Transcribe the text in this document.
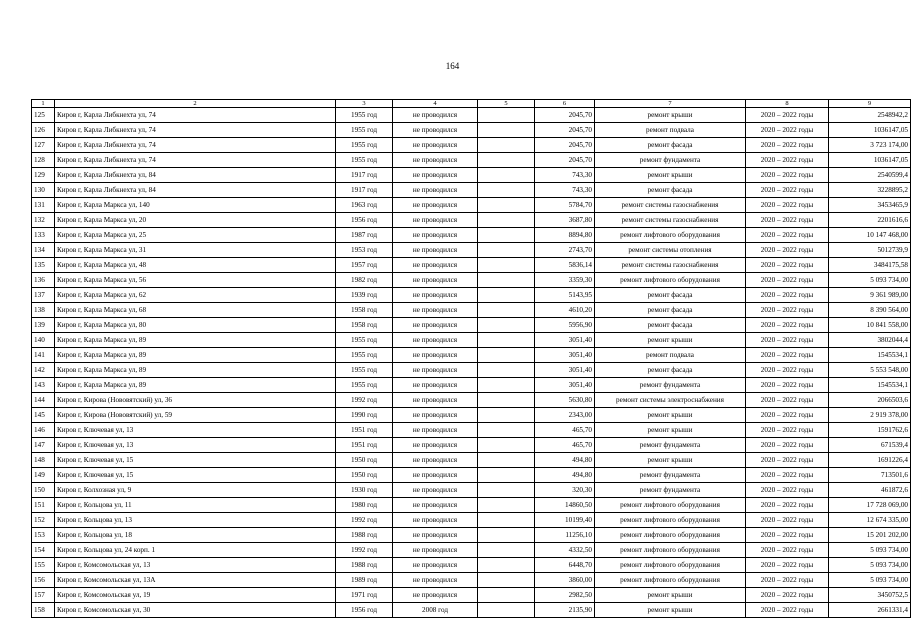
164
1	2	3	4	5	6	7	8	9
125	Киров г, Карла Либкнехта ул, 74	1955 год	не проводился		2045,70	ремонт крыши	2020 – 2022 годы	2548942,2
126	Киров г, Карла Либкнехта ул, 74	1955 год	не проводился		2045,70	ремонт подвала	2020 – 2022 годы	1036147,05
127	Киров г, Карла Либкнехта ул, 74	1955 год	не проводился		2045,70	ремонт фасада	2020 – 2022 годы	3 723 174,00
128	Киров г, Карла Либкнехта ул, 74	1955 год	не проводился		2045,70	ремонт фундамента	2020 – 2022 годы	1036147,05
129	Киров г, Карла Либкнехта ул, 84	1917 год	не проводился		743,30	ремонт крыши	2020 – 2022 годы	2540599,4
130	Киров г, Карла Либкнехта ул, 84	1917 год	не проводился		743,30	ремонт фасада	2020 – 2022 годы	3228895,2
131	Киров г, Карла Маркса ул, 140	1963 год	не проводился		5784,70	ремонт системы газоснабжения	2020 – 2022 годы	3453465,9
132	Киров г, Карла Маркса ул, 20	1956 год	не проводился		3687,80	ремонт системы газоснабжения	2020 – 2022 годы	2201616,6
133	Киров г, Карла Маркса ул, 25	1987 год	не проводился		8894,80	ремонт лифтового оборудования	2020 – 2022 годы	10 147 468,00
134	Киров г, Карла Маркса ул, 31	1953 год	не проводился		2743,70	ремонт системы отопления	2020 – 2022 годы	5012739,9
135	Киров г, Карла Маркса ул, 48	1957 год	не проводился		5836,14	ремонт системы газоснабжения	2020 – 2022 годы	3484175,58
136	Киров г, Карла Маркса ул, 56	1982 год	не проводился		3359,30	ремонт лифтового оборудования	2020 – 2022 годы	5 093 734,00
137	Киров г, Карла Маркса ул, 62	1939 год	не проводился		5143,95	ремонт фасада	2020 – 2022 годы	9 361 989,00
138	Киров г, Карла Маркса ул, 68	1958 год	не проводился		4610,20	ремонт фасада	2020 – 2022 годы	8 390 564,00
139	Киров г, Карла Маркса ул, 80	1958 год	не проводился		5956,90	ремонт фасада	2020 – 2022 годы	10 841 558,00
140	Киров г, Карла Маркса ул, 89	1955 год	не проводился		3051,40	ремонт крыши	2020 – 2022 годы	3802044,4
141	Киров г, Карла Маркса ул, 89	1955 год	не проводился		3051,40	ремонт подвала	2020 – 2022 годы	1545534,1
142	Киров г, Карла Маркса ул, 89	1955 год	не проводился		3051,40	ремонт фасада	2020 – 2022 годы	5 553 548,00
143	Киров г, Карла Маркса ул, 89	1955 год	не проводился		3051,40	ремонт фундамента	2020 – 2022 годы	1545534,1
144	Киров г, Кирова (Нововятский) ул, 36	1992 год	не проводился		5630,80	ремонт системы электроснабжения	2020 – 2022 годы	2066503,6
145	Киров г, Кирова (Нововятский) ул, 59	1990 год	не проводился		2343,00	ремонт крыши	2020 – 2022 годы	2 919 378,00
146	Киров г, Ключевая ул, 13	1951 год	не проводился		465,70	ремонт крыши	2020 – 2022 годы	1591762,6
147	Киров г, Ключевая ул, 13	1951 год	не проводился		465,70	ремонт фундамента	2020 – 2022 годы	671539,4
148	Киров г, Ключевая ул, 15	1950 год	не проводился		494,80	ремонт крыши	2020 – 2022 годы	1691226,4
149	Киров г, Ключевая ул, 15	1950 год	не проводился		494,80	ремонт фундамента	2020 – 2022 годы	713501,6
150	Киров г, Колхозная ул, 9	1930 год	не проводился		320,30	ремонт фундамента	2020 – 2022 годы	461872,6
151	Киров г, Кольцова ул, 11	1980 год	не проводился		14860,50	ремонт лифтового оборудования	2020 – 2022 годы	17 728 069,00
152	Киров г, Кольцова ул, 13	1992 год	не проводился		10199,40	ремонт лифтового оборудования	2020 – 2022 годы	12 674 335,00
153	Киров г, Кольцова ул, 18	1988 год	не проводился		11256,10	ремонт лифтового оборудования	2020 – 2022 годы	15 201 202,00
154	Киров г, Кольцова ул, 24 корп. 1	1992 год	не проводился		4332,50	ремонт лифтового оборудования	2020 – 2022 годы	5 093 734,00
155	Киров г, Комсомольская ул, 13	1988 год	не проводился		6448,70	ремонт лифтового оборудования	2020 – 2022 годы	5 093 734,00
156	Киров г, Комсомольская ул, 13А	1989 год	не проводился		3860,00	ремонт лифтового оборудования	2020 – 2022 годы	5 093 734,00
157	Киров г, Комсомольская ул, 19	1971 год	не проводился		2982,50	ремонт крыши	2020 – 2022 годы	3450752,5
158	Киров г, Комсомольская ул, 30	1956 год	2008 год		2135,90	ремонт крыши	2020 – 2022 годы	2661331,4
